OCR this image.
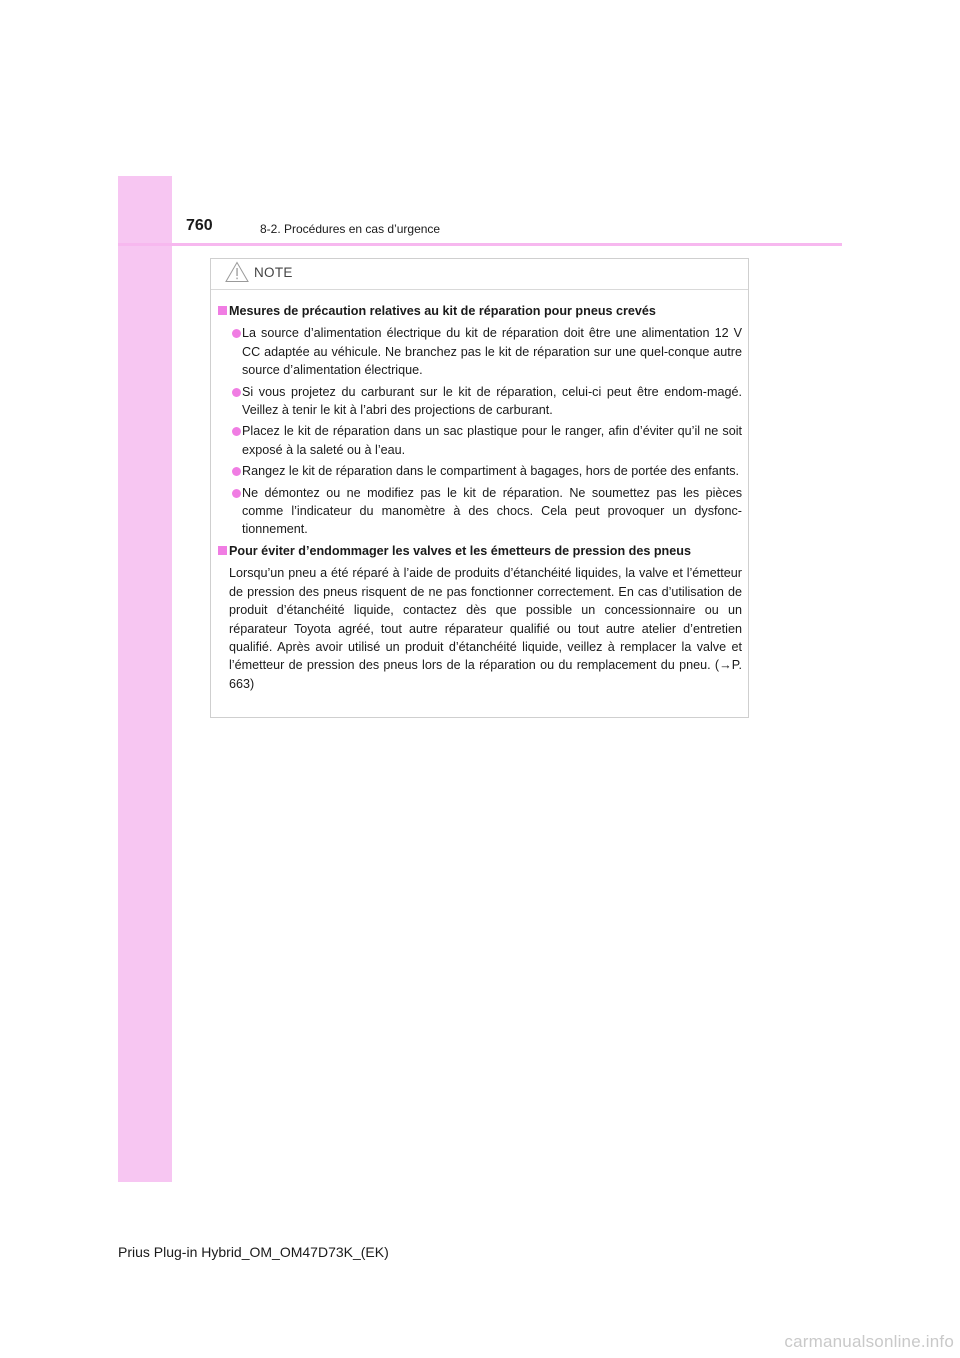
760	8-2. Procédures en cas d’urgence
NOTE
Mesures de précaution relatives au kit de réparation pour pneus crevés
La source d’alimentation électrique du kit de réparation doit être une alimentation 12 V CC adaptée au véhicule. Ne branchez pas le kit de réparation sur une quel-conque autre source d’alimentation électrique.
Si vous projetez du carburant sur le kit de réparation, celui-ci peut être endom-magé. Veillez à tenir le kit à l’abri des projections de carburant.
Placez le kit de réparation dans un sac plastique pour le ranger, afin d’éviter qu’il ne soit exposé à la saleté ou à l’eau.
Rangez le kit de réparation dans le compartiment à bagages, hors de portée des enfants.
Ne démontez ou ne modifiez pas le kit de réparation. Ne soumettez pas les pièces comme l’indicateur du manomètre à des chocs. Cela peut provoquer un dysfonc-tionnement.
Pour éviter d’endommager les valves et les émetteurs de pression des pneus
Lorsqu’un pneu a été réparé à l’aide de produits d’étanchéité liquides, la valve et l’émetteur de pression des pneus risquent de ne pas fonctionner correctement. En cas d’utilisation de produit d’étanchéité liquide, contactez dès que possible un concessionnaire ou un réparateur Toyota agréé, tout autre réparateur qualifié ou tout autre atelier d’entretien qualifié. Après avoir utilisé un produit d’étanchéité liquide, veillez à remplacer la valve et l’émetteur de pression des pneus lors de la réparation ou du remplacement du pneu. (→P. 663)
Prius Plug-in Hybrid_OM_OM47D73K_(EK)
carmanualsonline.info
